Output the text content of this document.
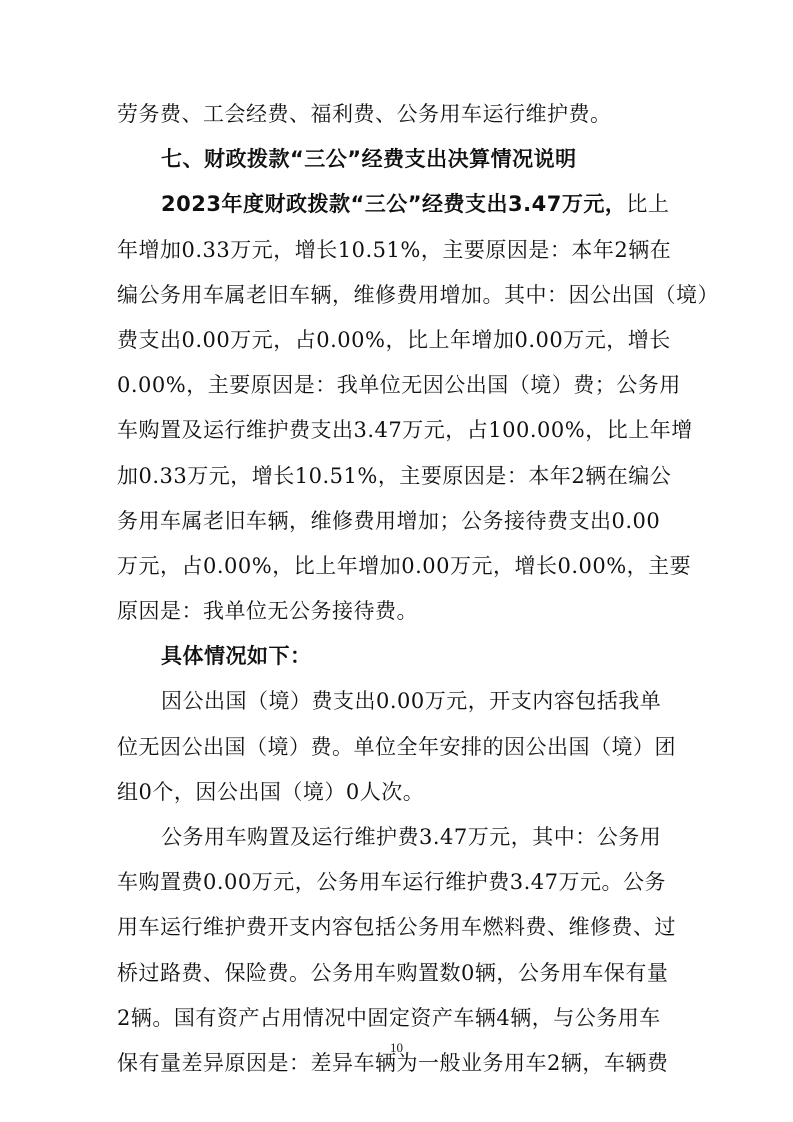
劳务费、工会经费、福利费、公务用车运行维护费。
七、财政拨款“三公”经费支出决算情况说明
2023年度财政拨款“三公”经费支出3.47万元，比上
年增加0.33万元，增长10.51%，主要原因是：本年2辆在
编公务用车属老旧车辆，维修费用增加。其中：因公出国（境）
费支出0.00万元，占0.00%，比上年增加0.00万元，增长
0.00%，主要原因是：我单位无因公出国（境）费；公务用
车购置及运行维护费支出3.47万元，占100.00%，比上年增
加0.33万元，增长10.51%，主要原因是：本年2辆在编公
务用车属老旧车辆，维修费用增加；公务接待费支出0.00
万元，占0.00%，比上年增加0.00万元，增长0.00%，主要
原因是：我单位无公务接待费。
具体情况如下：
因公出国（境）费支出0.00万元，开支内容包括我单
位无因公出国（境）费。单位全年安排的因公出国（境）团
组0个，因公出国（境）0人次。
公务用车购置及运行维护费3.47万元，其中：公务用
车购置费0.00万元，公务用车运行维护费3.47万元。公务
用车运行维护费开支内容包括公务用车燃料费、维修费、过
桥过路费、保险费。公务用车购置数0辆，公务用车保有量
2辆。国有资产占用情况中固定资产车辆4辆，与公务用车
保有量差异原因是：差异车辆为一般业务用车2辆，车辆费
10
